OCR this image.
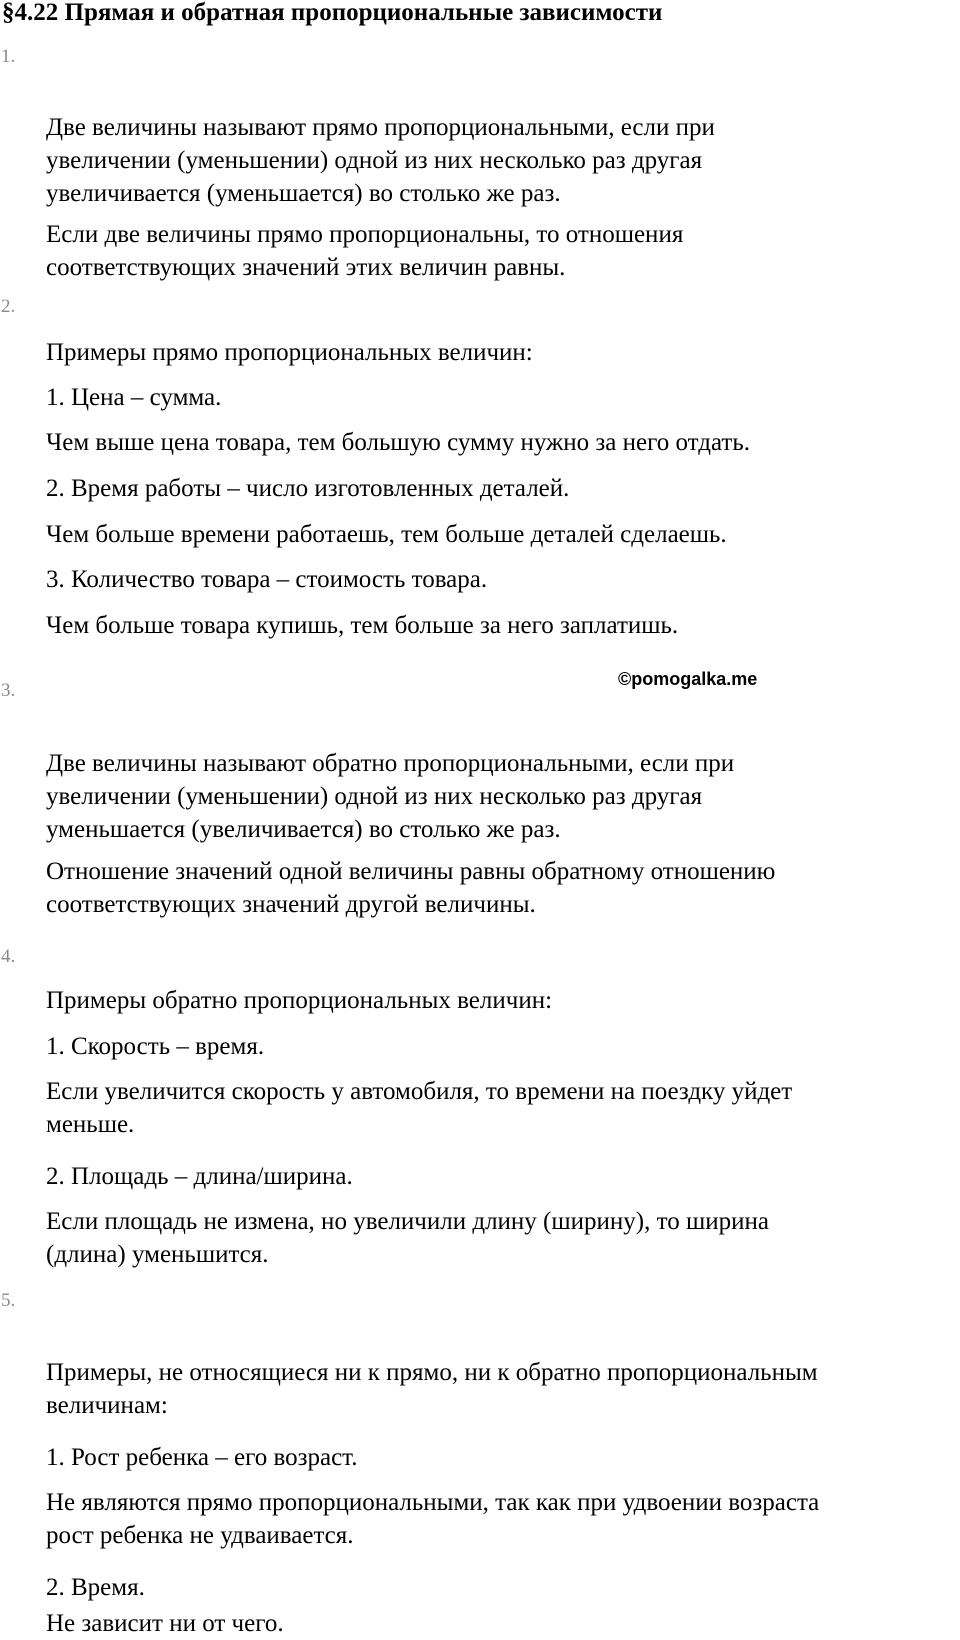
§4.22 Прямая и обратная пропорциональные зависимости
1.

Две величины называют прямо пропорциональными, если при
увеличении (уменьшении) одной из них несколько раз другая
увеличивается (уменьшается) во столько же раз.

Если две величины прямо пропорциональны, то отношения
соответствующих значений этих величин равны.

2.

Примеры прямо пропорциональных величин:

1. Цена – сумма.

Чем выше цена товара, тем большую сумму нужно за него отдать.

2. Время работы – число изготовленных деталей.

Чем больше времени работаешь, тем больше деталей сделаешь.

3. Количество товара – стоимость товара.

Чем больше товара купишь, тем больше за него заплатишь.

©pomogalka.me
3.

Две величины называют обратно пропорциональными, если при
увеличении (уменьшении) одной из них несколько раз другая
уменьшается (увеличивается) во столько же раз.

Отношение значений одной величины равны обратному отношению
соответствующих значений другой величины.

4.

Примеры обратно пропорциональных величин:

1. Скорость – время.

Если увеличится скорость у автомобиля, то времени на поездку уйдет
меньше.

2. Площадь – длина/ширина.

Если площадь не измена, но увеличили длину (ширину), то ширина
(длина) уменьшится.

5.

Примеры, не относящиеся ни к прямо, ни к обратно пропорциональным
величинам:

1. Рост ребенка – его возраст.

Не являются прямо пропорциональными, так как при удвоении возраста
рост ребенка не удваивается.

2. Время.

Не зависит ни от чего.
